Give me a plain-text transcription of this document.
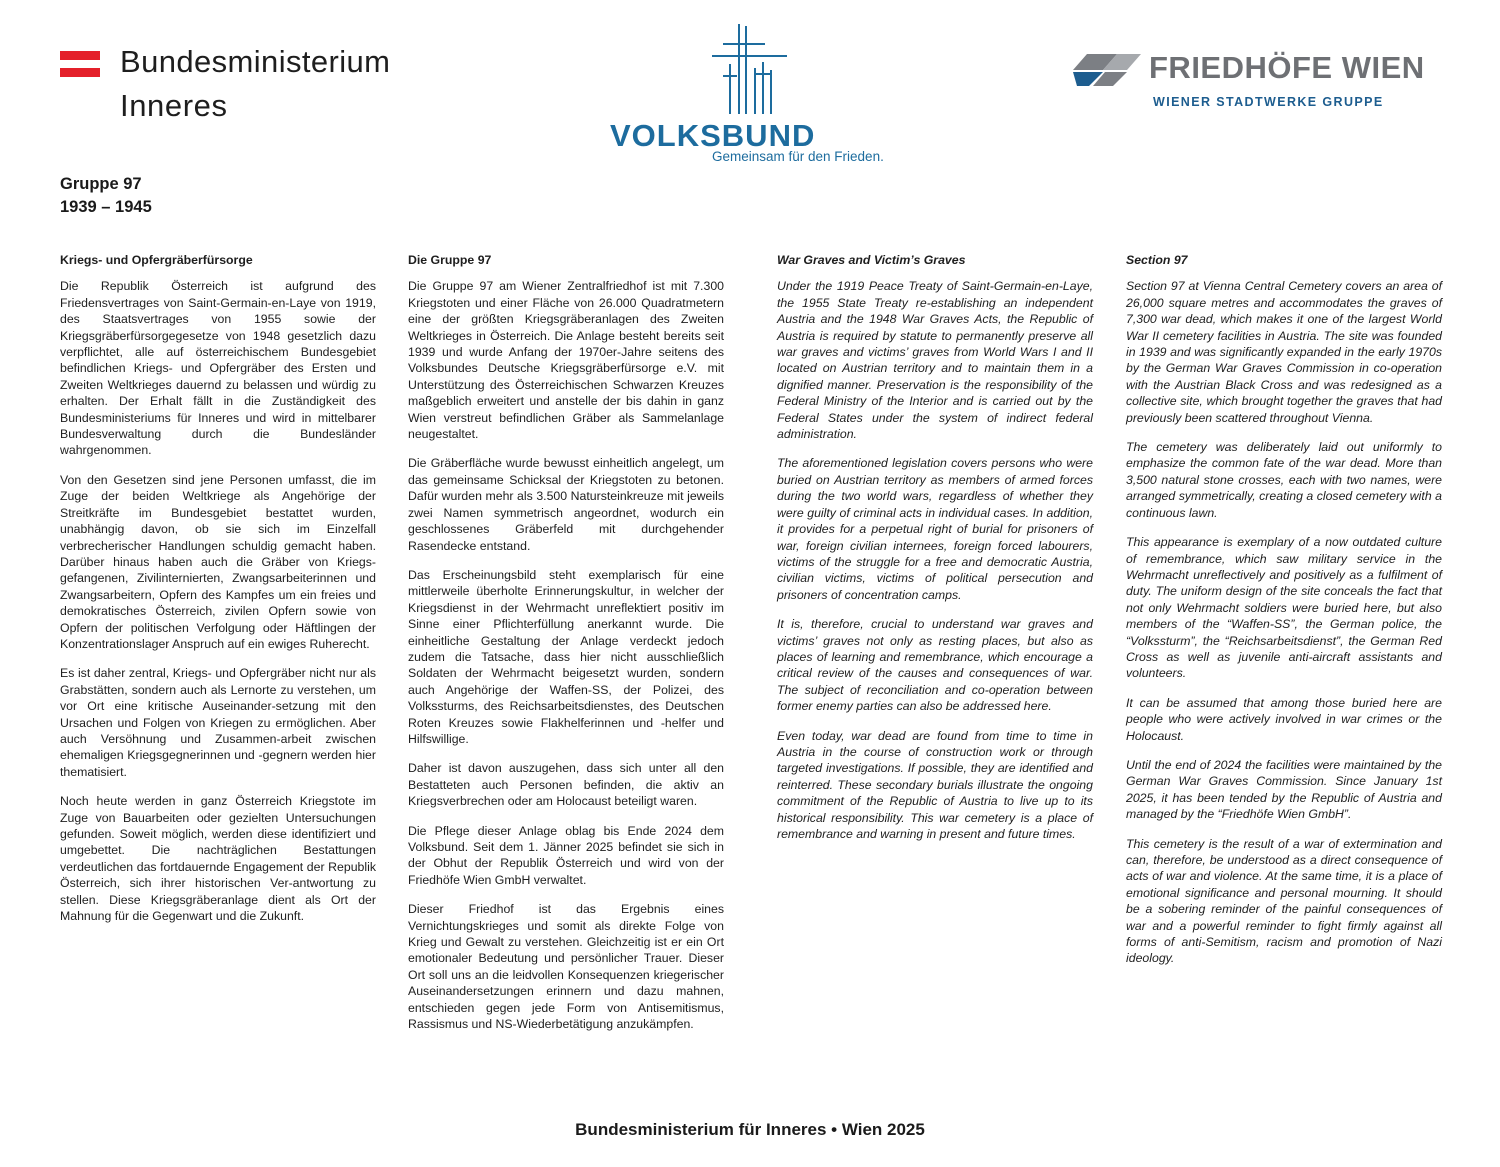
Bundesministerium
Inneres
VOLKSBUND
Gemeinsam für den Frieden.
FRIEDHÖFE WIEN
WIENER STADTWERKE GRUPPE
Gruppe 97
1939 – 1945
Kriegs- und Opfergräberfürsorge

Die Republik Österreich ist aufgrund des Friedensvertrages von Saint-Germain-en-Laye von 1919, des Staatsvertrages von 1955 sowie der Kriegsgräberfürsorgegesetze von 1948 gesetzlich dazu verpflichtet, alle auf österreichischem Bundesgebiet befindlichen Kriegs- und Opfergräber des Ersten und Zweiten Weltkrieges dauernd zu belassen und würdig zu erhalten. Der Erhalt fällt in die Zuständigkeit des Bundesministeriums für Inneres und wird in mittelbarer Bundesverwaltung durch die Bundesländer wahrgenommen.

Von den Gesetzen sind jene Personen umfasst, die im Zuge der beiden Weltkriege als Angehörige der Streitkräfte im Bundesgebiet bestattet wurden, unabhängig davon, ob sie sich im Einzelfall verbrecherischer Handlungen schuldig gemacht haben. Darüber hinaus haben auch die Gräber von Kriegs-gefangenen, Zivilinternierten, Zwangsarbeiterinnen und Zwangsarbeitern, Opfern des Kampfes um ein freies und demokratisches Österreich, zivilen Opfern sowie von Opfern der politischen Verfolgung oder Häftlingen der Konzentrationslager Anspruch auf ein ewiges Ruherecht.

Es ist daher zentral, Kriegs- und Opfergräber nicht nur als Grabstätten, sondern auch als Lernorte zu verstehen, um vor Ort eine kritische Auseinander-setzung mit den Ursachen und Folgen von Kriegen zu ermöglichen. Aber auch Versöhnung und Zusammen-arbeit zwischen ehemaligen Kriegsgegnerinnen und -gegnern werden hier thematisiert.

Noch heute werden in ganz Österreich Kriegstote im Zuge von Bauarbeiten oder gezielten Untersuchungen gefunden. Soweit möglich, werden diese identifiziert und umgebettet. Die nachträglichen Bestattungen verdeutlichen das fortdauernde Engagement der Republik Österreich, sich ihrer historischen Ver-antwortung zu stellen. Diese Kriegsgräberanlage dient als Ort der Mahnung für die Gegenwart und die Zukunft.

Die Gruppe 97

Die Gruppe 97 am Wiener Zentralfriedhof ist mit 7.300 Kriegstoten und einer Fläche von 26.000 Quadratmetern eine der größten Kriegsgräberanlagen des Zweiten Weltkrieges in Österreich. Die Anlage besteht bereits seit 1939 und wurde Anfang der 1970er-Jahre seitens des Volksbundes Deutsche Kriegsgräberfürsorge e.V. mit Unterstützung des Österreichischen Schwarzen Kreuzes maßgeblich erweitert und anstelle der bis dahin in ganz Wien verstreut befindlichen Gräber als Sammelanlage neugestaltet.

Die Gräberfläche wurde bewusst einheitlich angelegt, um das gemeinsame Schicksal der Kriegstoten zu betonen. Dafür wurden mehr als 3.500 Natursteinkreuze mit jeweils zwei Namen symmetrisch angeordnet, wodurch ein geschlossenes Gräberfeld mit durchgehender Rasendecke entstand.

Das Erscheinungsbild steht exemplarisch für eine mittlerweile überholte Erinnerungskultur, in welcher der Kriegsdienst in der Wehrmacht unreflektiert positiv im Sinne einer Pflichterfüllung anerkannt wurde. Die einheitliche Gestaltung der Anlage verdeckt jedoch zudem die Tatsache, dass hier nicht ausschließlich Soldaten der Wehrmacht beigesetzt wurden, sondern auch Angehörige der Waffen-SS, der Polizei, des Volkssturms, des Reichsarbeitsdienstes, des Deutschen Roten Kreuzes sowie Flakhelferinnen und -helfer und Hilfswillige.

Daher ist davon auszugehen, dass sich unter all den Bestatteten auch Personen befinden, die aktiv an Kriegsverbrechen oder am Holocaust beteiligt waren.

Die Pflege dieser Anlage oblag bis Ende 2024 dem Volksbund. Seit dem 1. Jänner 2025 befindet sie sich in der Obhut der Republik Österreich und wird von der Friedhöfe Wien GmbH verwaltet.

Dieser Friedhof ist das Ergebnis eines Vernichtungskrieges und somit als direkte Folge von Krieg und Gewalt zu verstehen. Gleichzeitig ist er ein Ort emotionaler Bedeutung und persönlicher Trauer. Dieser Ort soll uns an die leidvollen Konsequenzen kriegerischer Auseinandersetzungen erinnern und dazu mahnen, entschieden gegen jede Form von Antisemitismus, Rassismus und NS-Wiederbetätigung anzukämpfen.

War Graves and Victim’s Graves

Under the 1919 Peace Treaty of Saint-Germain-en-Laye, the 1955 State Treaty re-establishing an independent Austria and the 1948 War Graves Acts, the Republic of Austria is required by statute to permanently preserve all war graves and victims’ graves from World Wars I and II located on Austrian territory and to maintain them in a dignified manner. Preservation is the responsibility of the Federal Ministry of the Interior and is carried out by the Federal States under the system of indirect federal administration.

The aforementioned legislation covers persons who were buried on Austrian territory as members of armed forces during the two world wars, regardless of whether they were guilty of criminal acts in individual cases. In addition, it provides for a perpetual right of burial for prisoners of war, foreign civilian internees, foreign forced labourers, victims of the struggle for a free and democratic Austria, civilian victims, victims of political persecution and prisoners of concentration camps.

It is, therefore, crucial to understand war graves and victims’ graves not only as resting places, but also as places of learning and remembrance, which encourage a critical review of the causes and consequences of war. The subject of reconciliation and co-operation between former enemy parties can also be addressed here.

Even today, war dead are found from time to time in Austria in the course of construction work or through targeted investigations. If possible, they are identified and reinterred. These secondary burials illustrate the ongoing commitment of the Republic of Austria to live up to its historical responsibility. This war cemetery is a place of remembrance and warning in present and future times.

Section 97

Section 97 at Vienna Central Cemetery covers an area of 26,000 square metres and accommodates the graves of 7,300 war dead, which makes it one of the largest World War II cemetery facilities in Austria. The site was founded in 1939 and was significantly expanded in the early 1970s by the German War Graves Commission in co-operation with the Austrian Black Cross and was redesigned as a collective site, which brought together the graves that had previously been scattered throughout Vienna.

The cemetery was deliberately laid out uniformly to emphasize the common fate of the war dead. More than 3,500 natural stone crosses, each with two names, were arranged symmetrically, creating a closed cemetery with a continuous lawn.

This appearance is exemplary of a now outdated culture of remembrance, which saw military service in the Wehrmacht unreflectively and positively as a fulfilment of duty. The uniform design of the site conceals the fact that not only Wehrmacht soldiers were buried here, but also members of the “Waffen-SS”, the German police, the “Volkssturm”, the “Reichsarbeitsdienst”, the German Red Cross as well as juvenile anti-aircraft assistants and volunteers.

It can be assumed that among those buried here are people who were actively involved in war crimes or the Holocaust.

Until the end of 2024 the facilities were maintained by the German War Graves Commission. Since January 1st 2025, it has been tended by the Republic of Austria and managed by the “Friedhöfe Wien GmbH”.

This cemetery is the result of a war of extermination and can, therefore, be understood as a direct consequence of acts of war and violence. At the same time, it is a place of emotional significance and personal mourning. It should be a sobering reminder of the painful consequences of war and a powerful reminder to fight firmly against all forms of anti-Semitism, racism and promotion of Nazi ideology.

Bundesministerium für Inneres • Wien 2025
